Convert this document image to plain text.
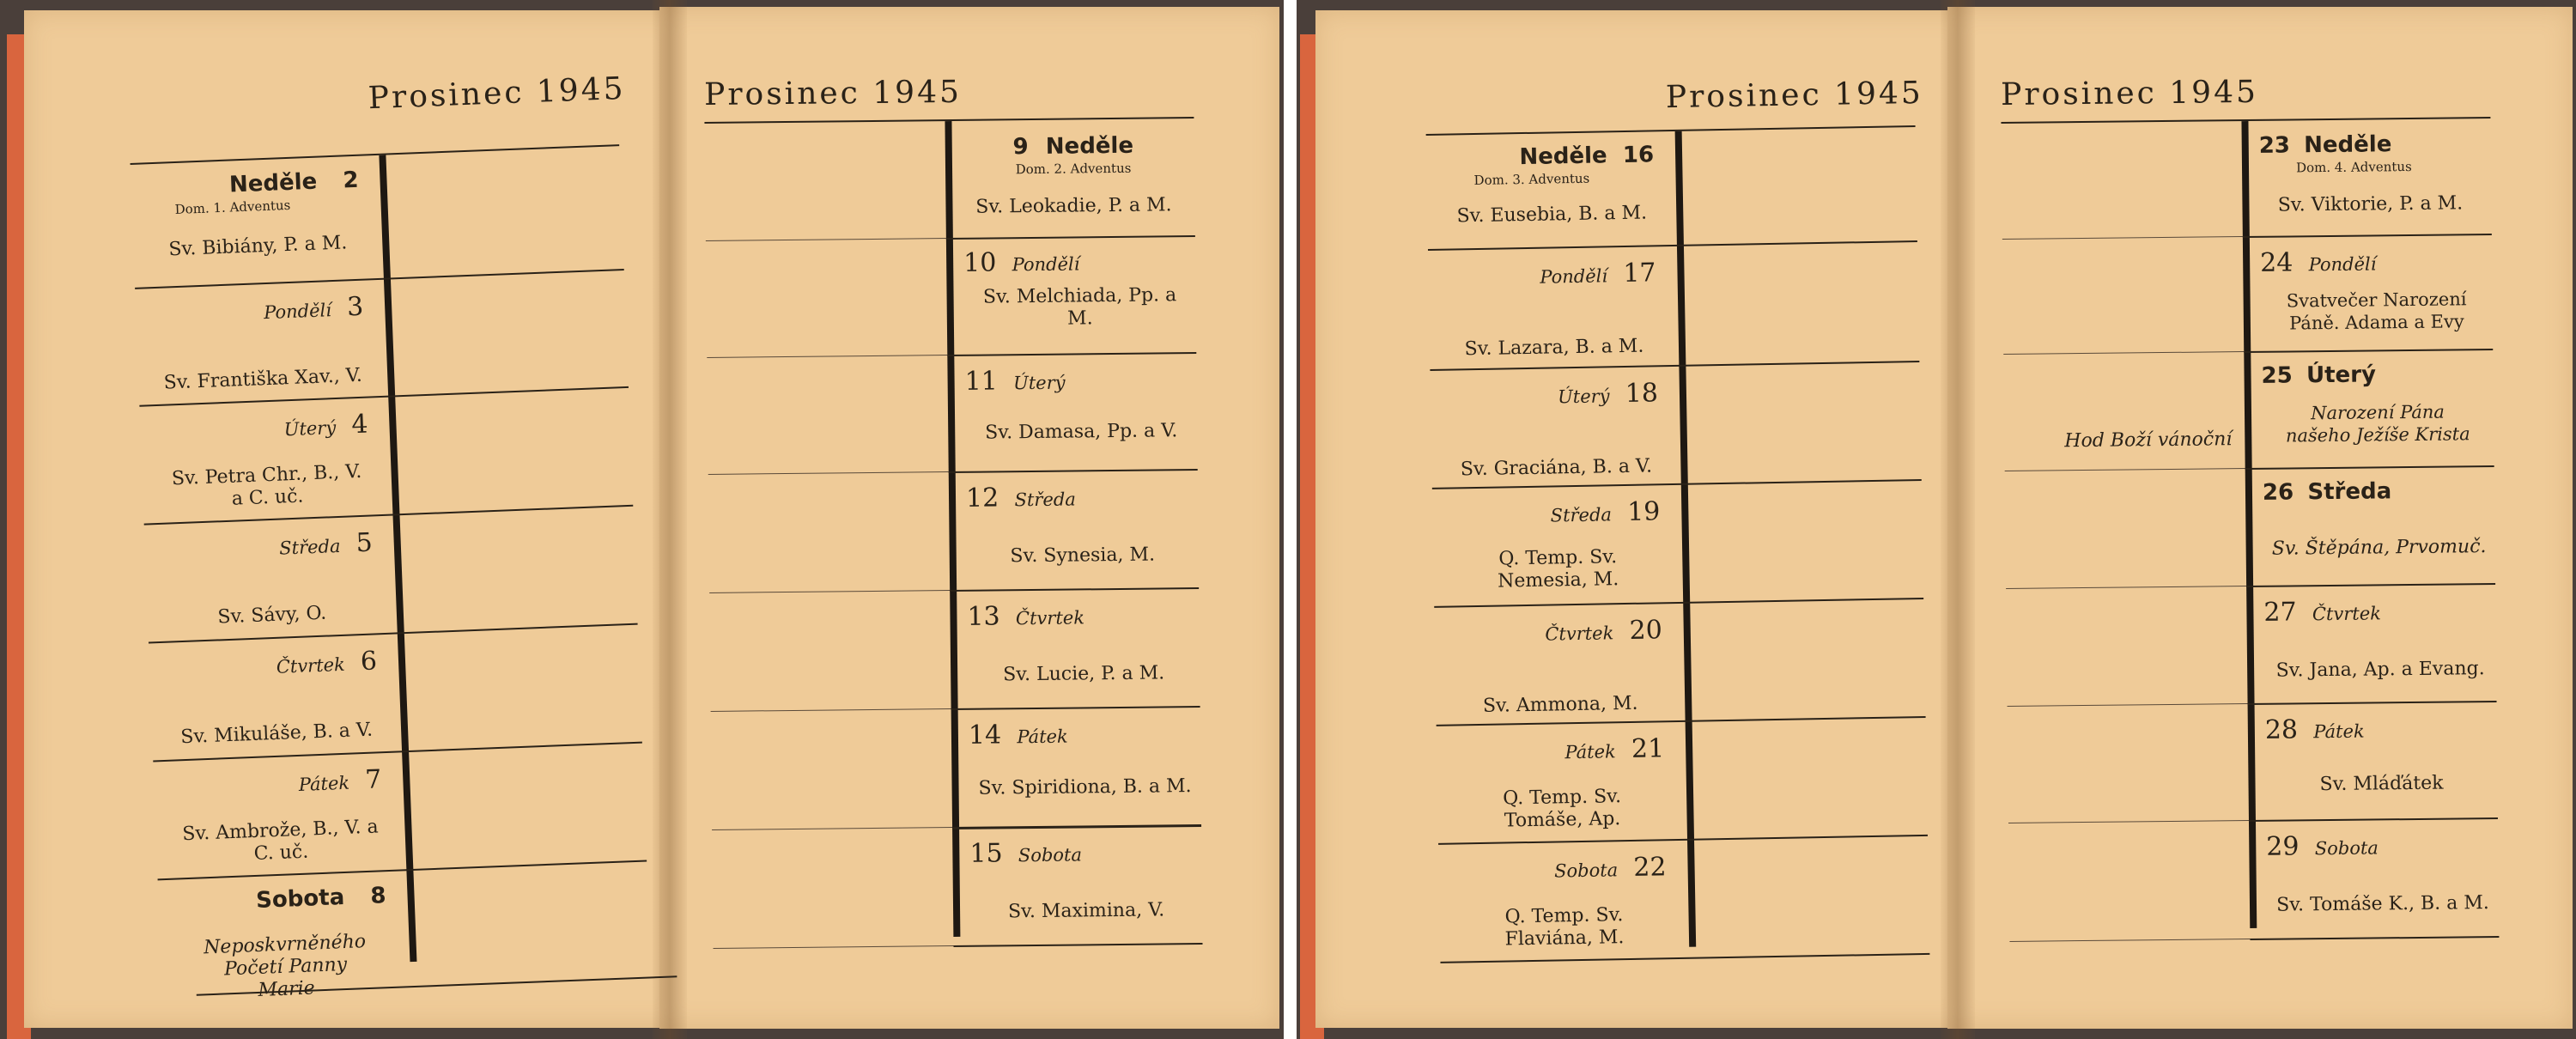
Prosinec 1945
Neděle 2
Dom. 1. Adventus
Sv. Bibiány, P. a M.
Pondělí 3
Sv. Františka Xav., V.
Úterý 4
Sv. Petra Chr., B., V. a C. uč.
Středa 5
Sv. Sávy, O.
Čtvrtek 6
Sv. Mikuláše, B. a V.
Pátek 7
Sv. Ambrože, B., V. a C. uč.
Sobota 8
Neposkvrněného Početí Panny Marie
Prosinec 1945
9 Neděle
Dom. 2. Adventus
Sv. Leokadie, P. a M.
10 Pondělí
Sv. Melchiada, Pp. a M.
11 Úterý
Sv. Damasa, Pp. a V.
12 Středa
Sv. Synesia, M.
13 Čtvrtek
Sv. Lucie, P. a M.
14 Pátek
Sv. Spiridiona, B. a M.
15 Sobota
Sv. Maximina, V.
Prosinec 1945
Neděle 16
Dom. 3. Adventus
Sv. Eusebia, B. a M.
Pondělí 17
Sv. Lazara, B. a M.
Úterý 18
Sv. Graciána, B. a V.
Středa 19
Q. Temp. Sv. Nemesia, M.
Čtvrtek 20
Sv. Ammona, M.
Pátek 21
Q. Temp. Sv. Tomáše, Ap.
Sobota 22
Q. Temp. Sv. Flaviána, M.
Prosinec 1945
23 Neděle
Dom. 4. Adventus
Sv. Viktorie, P. a M.
24 Pondělí
Svatvečer Narození Páně. Adama a Evy
25 Úterý
Narození Pána našeho Ježíše Krista
Hod Boží vánoční
26 Středa
Sv. Štěpána, Prvomuč.
27 Čtvrtek
Sv. Jana, Ap. a Evang.
28 Pátek
Sv. Mláďátek
29 Sobota
Sv. Tomáše K., B. a M.
